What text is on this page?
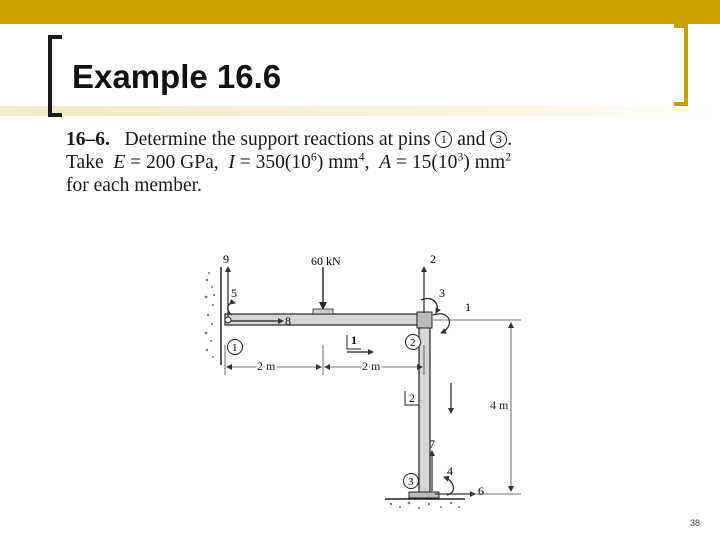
Example 16.6
16–6. Determine the support reactions at pins 1 and 3 .
Take E = 200 GPa, $I = 350(10^6)$ $mm^4$, $A = 15(10^3)$ $mm^2$
for each member.
60 kN
9
5
8
1
1	2
2
3
1
2
3
7
4
6
2 m	2 m
4 m
38
